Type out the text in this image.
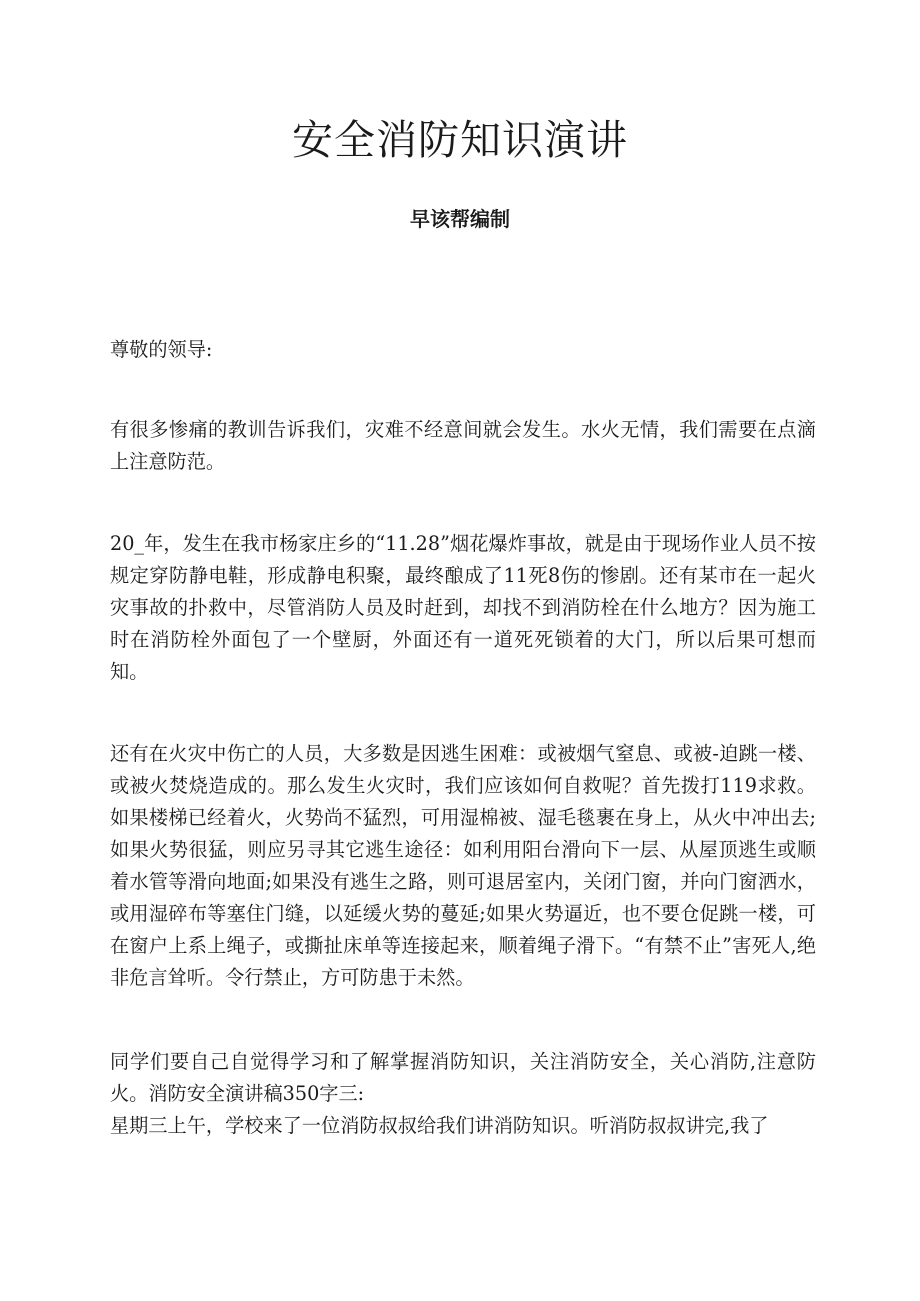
安全消防知识演讲
早该帮编制

尊敬的领导:

有很多惨痛的教训告诉我们，灾难不经意间就会发生。水火无情，我们需要在点滴上注意防范。

20_年，发生在我市杨家庄乡的“11.28”烟花爆炸事故，就是由于现场作业人员不按规定穿防静电鞋，形成静电积聚，最终酿成了11死8伤的惨剧。还有某市在一起火灾事故的扑救中，尽管消防人员及时赶到，却找不到消防栓在什么地方？因为施工时在消防栓外面包了一个壁厨，外面还有一道死死锁着的大门，所以后果可想而知。

还有在火灾中伤亡的人员，大多数是因逃生困难：或被烟气窒息、或被-迫跳一楼、或被火焚烧造成的。那么发生火灾时，我们应该如何自救呢？首先拨打119求救。如果楼梯已经着火，火势尚不猛烈，可用湿棉被、湿毛毯裹在身上，从火中冲出去;如果火势很猛，则应另寻其它逃生途径：如利用阳台滑向下一层、从屋顶逃生或顺着水管等滑向地面;如果没有逃生之路，则可退居室内，关闭门窗，并向门窗洒水，或用湿碎布等塞住门缝，以延缓火势的蔓延;如果火势逼近，也不要仓促跳一楼，可在窗户上系上绳子，或撕扯床单等连接起来，顺着绳子滑下。“有禁不止”害死人,绝非危言耸听。令行禁止，方可防患于未然。

同学们要自己自觉得学习和了解掌握消防知识，关注消防安全，关心消防,注意防火。消防安全演讲稿350字三:

星期三上午，学校来了一位消防叔叔给我们讲消防知识。听消防叔叔讲完,我了
